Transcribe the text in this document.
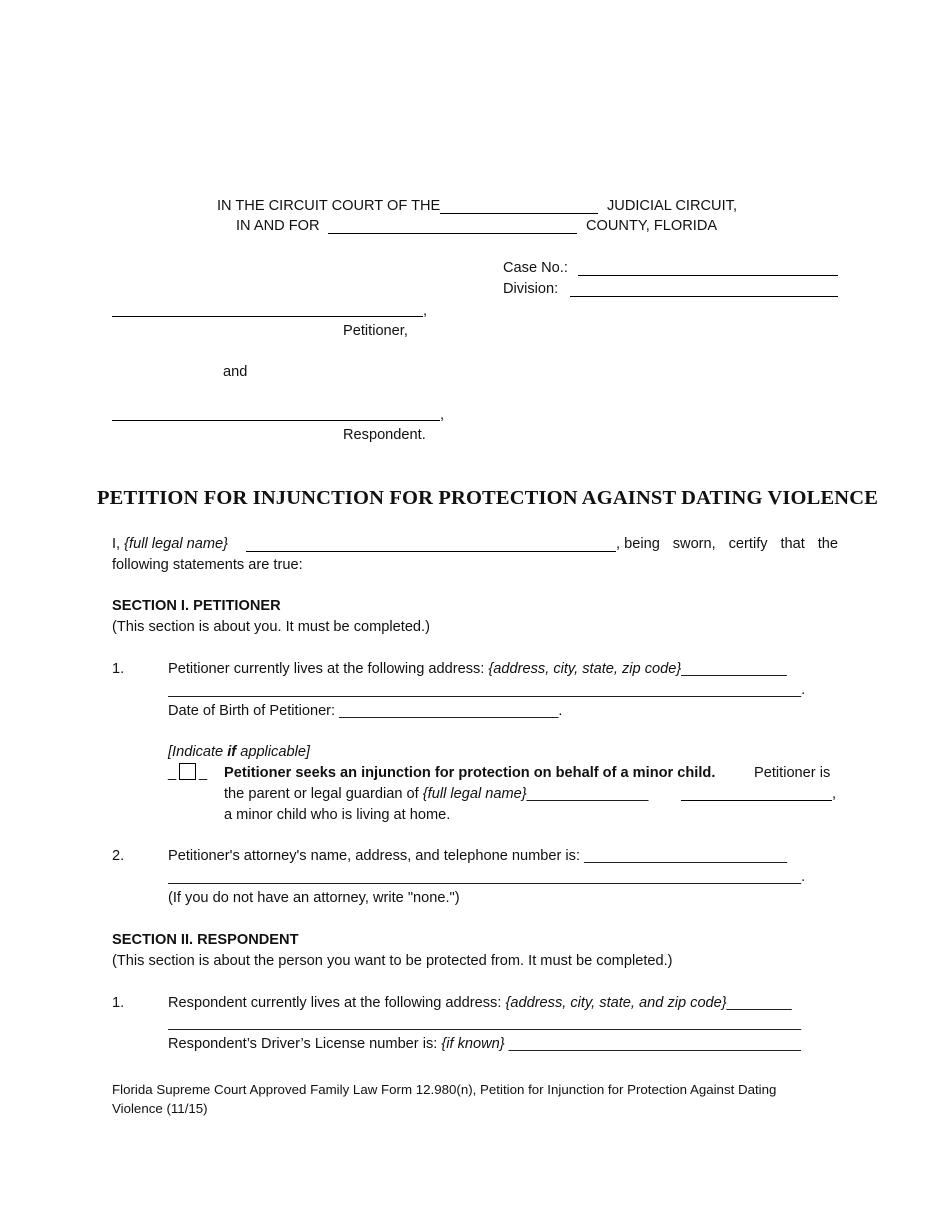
IN THE CIRCUIT COURT OF THE	JUDICIAL CIRCUIT,
IN AND FOR	COUNTY, FLORIDA
Case No.:
Division:
,
Petitioner,
and
,
Respondent.
PETITION FOR INJUNCTION FOR PROTECTION AGAINST DATING VIOLENCE
I, {full legal name}	, being sworn, certify that the
following statements are true:
SECTION I. PETITIONER
(This section is about you. It must be completed.)
1.	Petitioner currently lives at the following address: {address, city, state, zip code}_____________
______________________________________________________________________________.
Date of Birth of Petitioner: ___________________________.
[Indicate if applicable]
_ _ Petitioner seeks an injunction for protection on behalf of a minor child.	Petitioner is
the parent or legal guardian of {full legal name}_______________	,
a minor child who is living at home.
2.	Petitioner's attorney's name, address, and telephone number is: _________________________
______________________________________________________________________________.
(If you do not have an attorney, write "none.")
SECTION II. RESPONDENT
(This section is about the person you want to be protected from. It must be completed.)
1.	Respondent currently lives at the following address: {address, city, state, and zip code}________
______________________________________________________________________________
Respondent’s Driver’s License number is: {if known} ____________________________________
Florida Supreme Court Approved Family Law Form 12.980(n), Petition for Injunction for Protection Against Dating
Violence (11/15)
